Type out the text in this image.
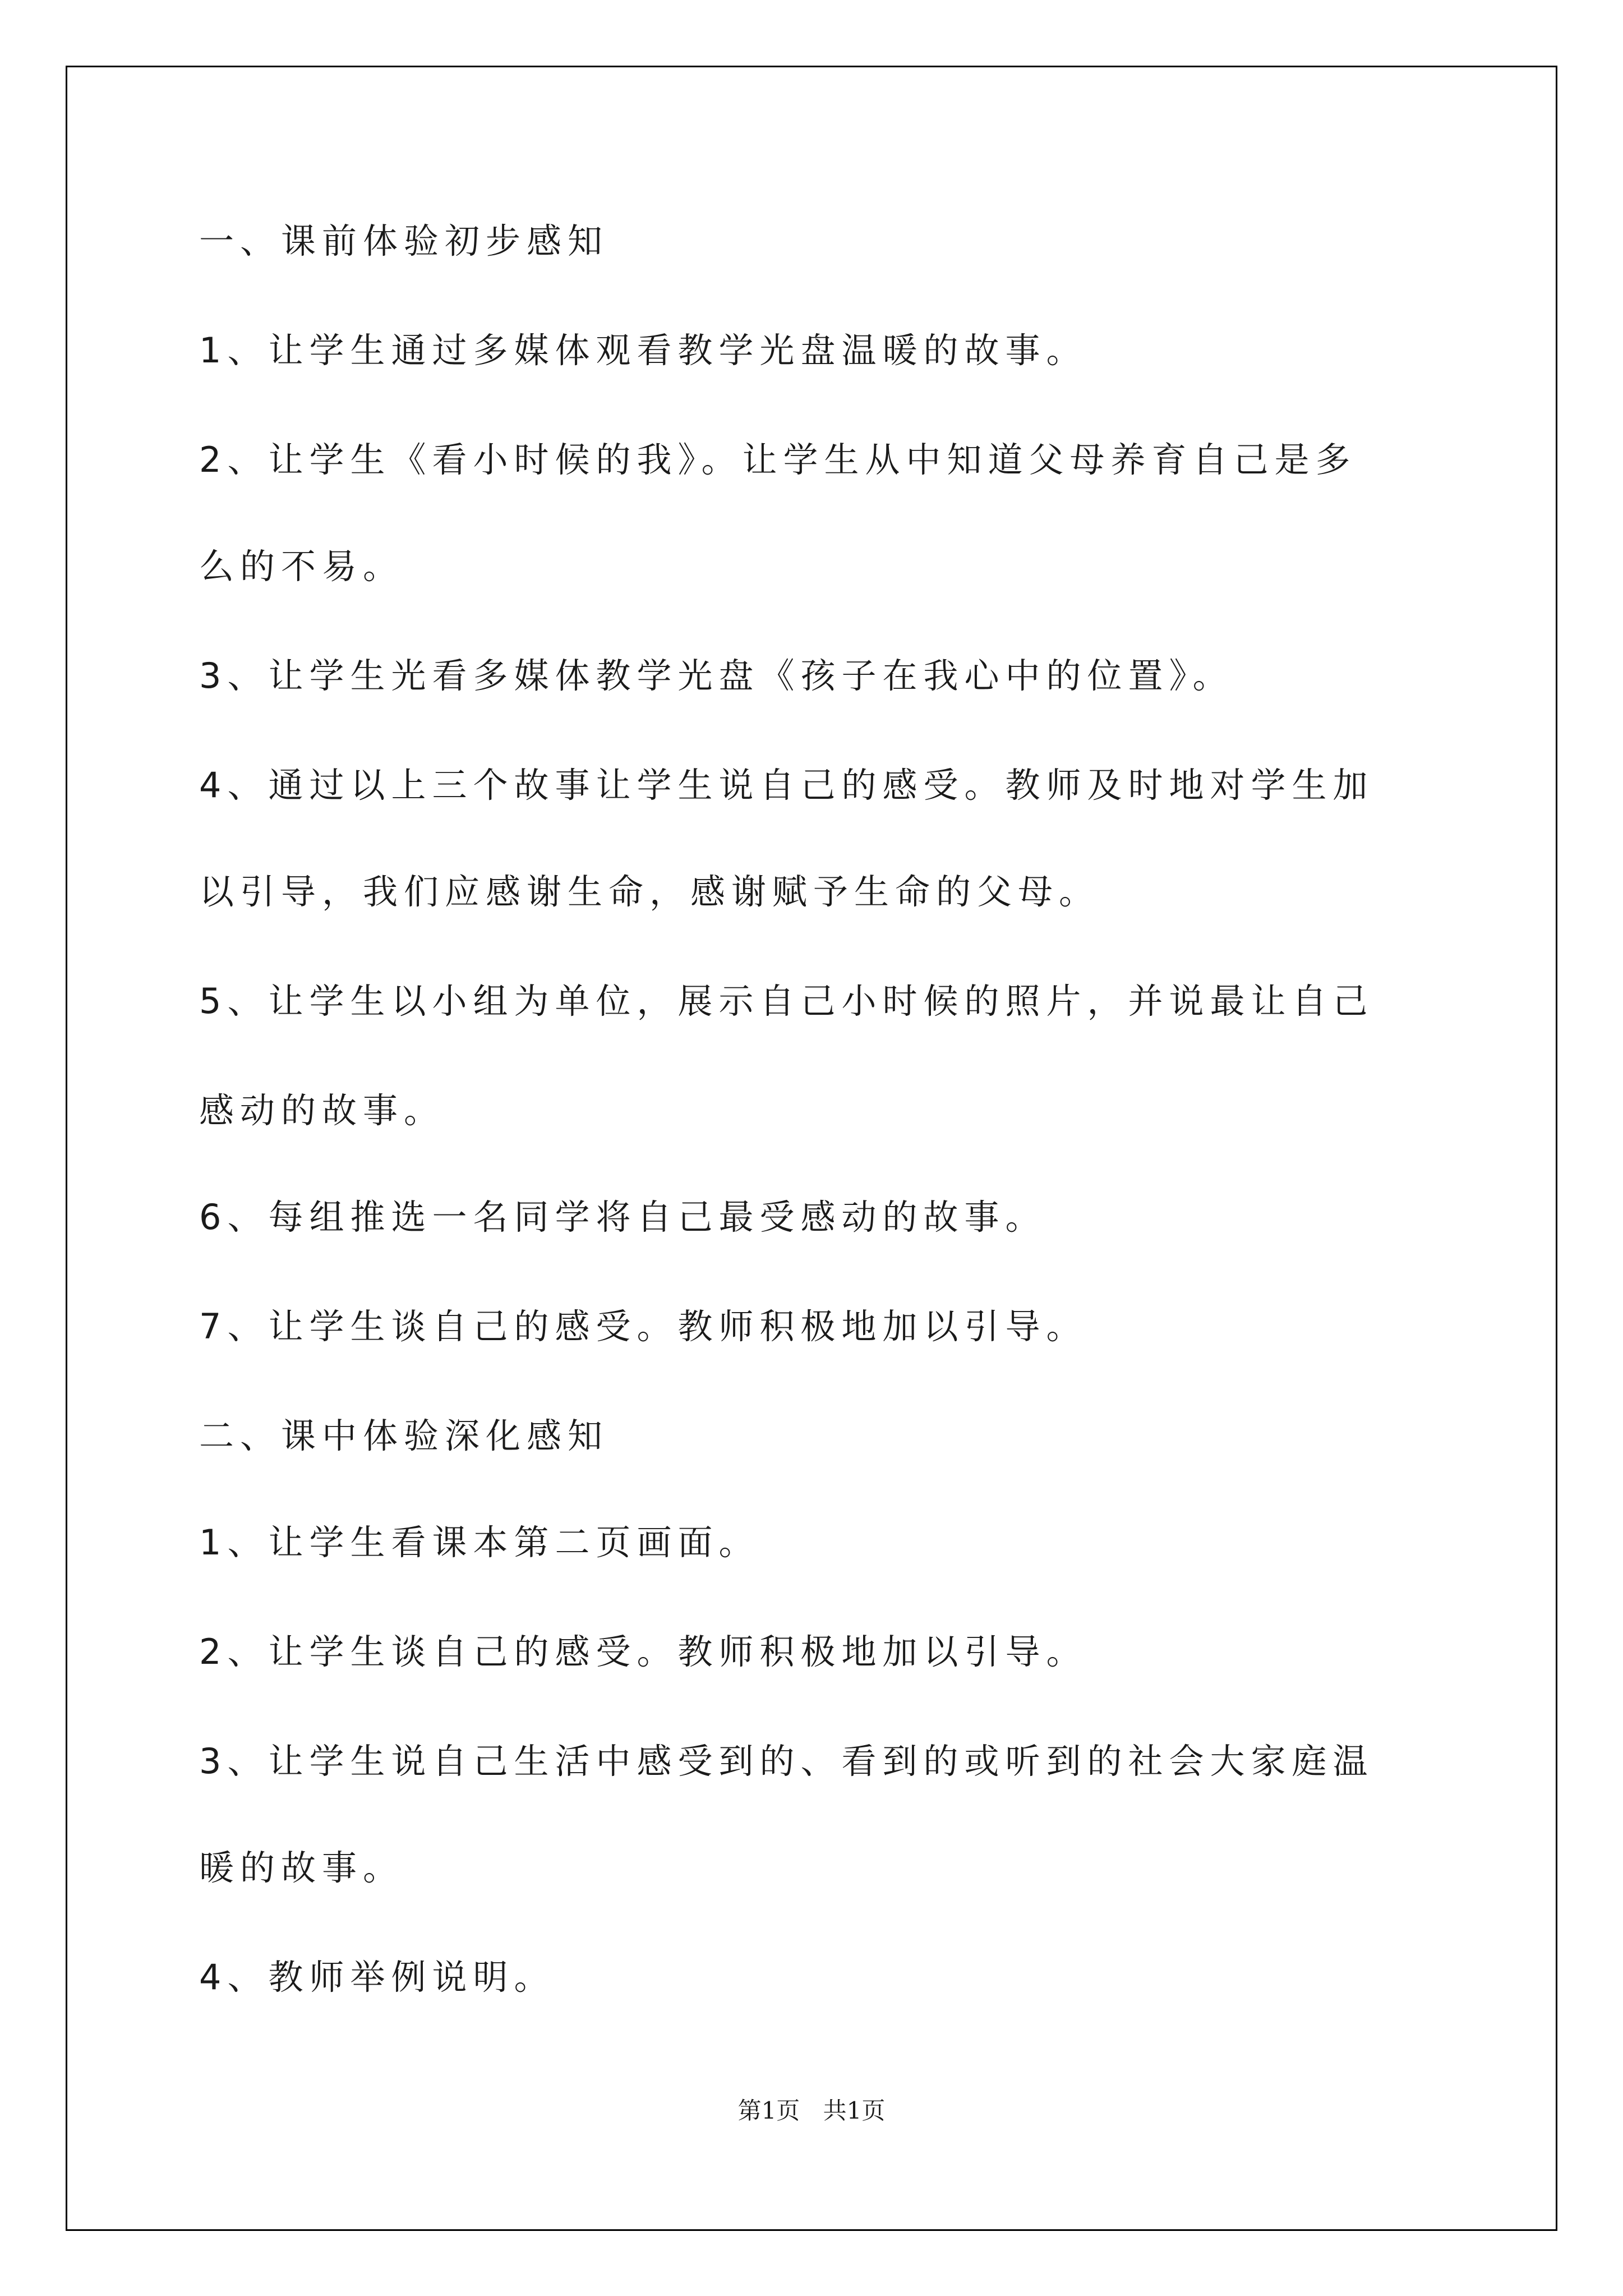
一、课前体验初步感知

1、让学生通过多媒体观看教学光盘温暖的故事。

2、让学生《看小时候的我》。让学生从中知道父母养育自己是多

么的不易。

3、让学生光看多媒体教学光盘《孩子在我心中的位置》。

4、通过以上三个故事让学生说自己的感受。教师及时地对学生加

以引导，我们应感谢生命，感谢赋予生命的父母。

5、让学生以小组为单位，展示自己小时候的照片，并说最让自己

感动的故事。

6、每组推选一名同学将自己最受感动的故事。

7、让学生谈自己的感受。教师积极地加以引导。

二、课中体验深化感知

1、让学生看课本第二页画面。

2、让学生谈自己的感受。教师积极地加以引导。

3、让学生说自己生活中感受到的、看到的或听到的社会大家庭温

暖的故事。

4、教师举例说明。

第1页 共1页
